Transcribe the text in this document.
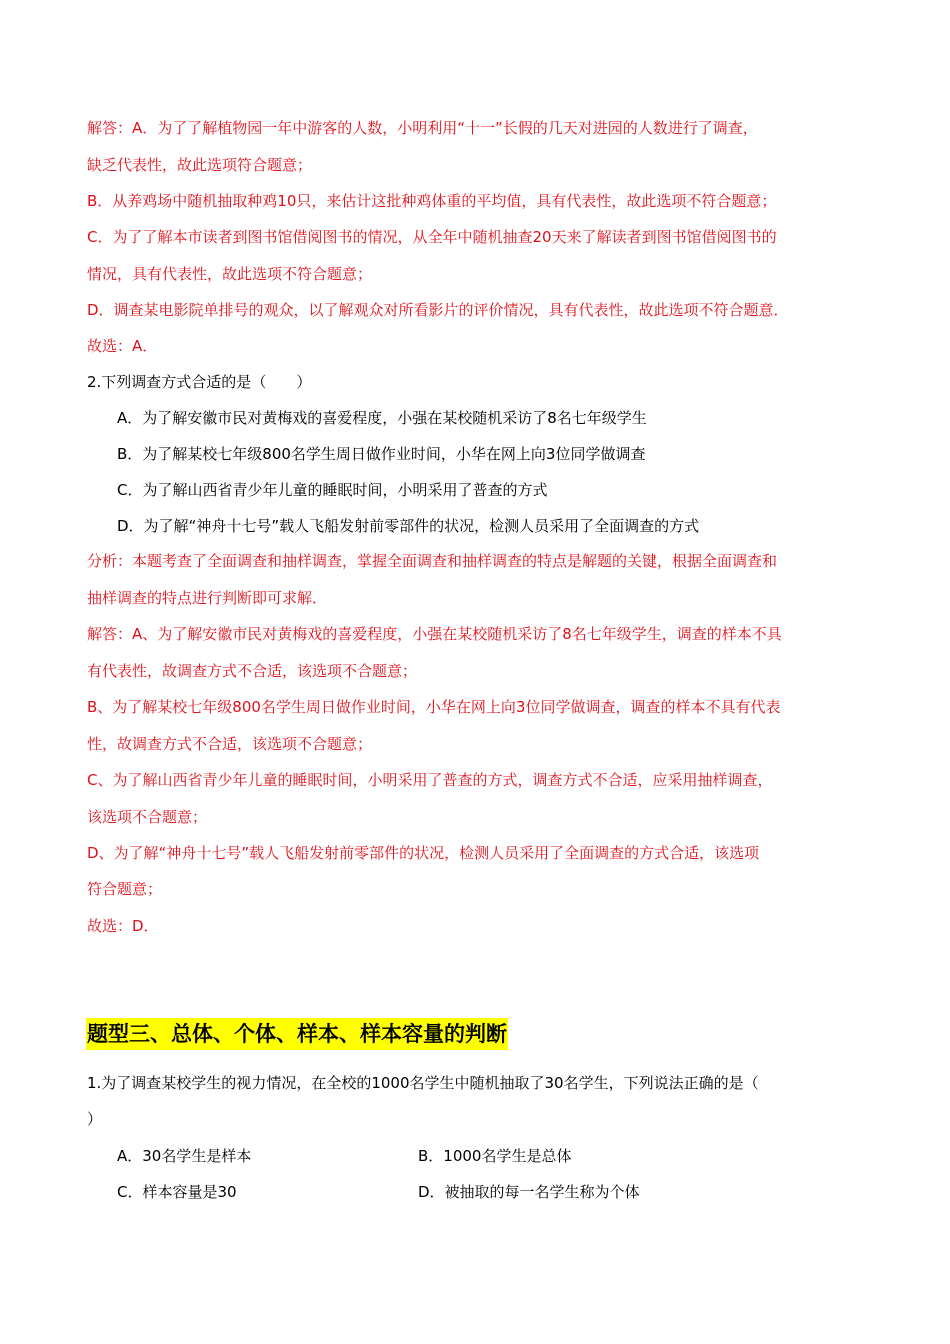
解答：A．为了了解植物园一年中游客的人数，小明利用“十一”长假的几天对进园的人数进行了调查，
缺乏代表性，故此选项符合题意；
B．从养鸡场中随机抽取种鸡10只，来估计这批种鸡体重的平均值，具有代表性，故此选项不符合题意；
C．为了了解本市读者到图书馆借阅图书的情况，从全年中随机抽查20天来了解读者到图书馆借阅图书的
情况，具有代表性，故此选项不符合题意；
D．调查某电影院单排号的观众，以了解观众对所看影片的评价情况，具有代表性，故此选项不符合题意．
故选：A．
2.下列调查方式合适的是（　　）
A．为了解安徽市民对黄梅戏的喜爱程度，小强在某校随机采访了8名七年级学生
B．为了解某校七年级800名学生周日做作业时间，小华在网上向3位同学做调查
C．为了解山西省青少年儿童的睡眠时间，小明采用了普查的方式
D．为了解“神舟十七号”载人飞船发射前零部件的状况，检测人员采用了全面调查的方式
分析：本题考查了全面调查和抽样调查，掌握全面调查和抽样调查的特点是解题的关键，根据全面调查和
抽样调查的特点进行判断即可求解．
解答：A、为了解安徽市民对黄梅戏的喜爱程度，小强在某校随机采访了8名七年级学生，调查的样本不具
有代表性，故调查方式不合适，该选项不合题意；
B、为了解某校七年级800名学生周日做作业时间，小华在网上向3位同学做调查，调查的样本不具有代表
性，故调查方式不合适，该选项不合题意；
C、为了解山西省青少年儿童的睡眠时间，小明采用了普查的方式，调查方式不合适，应采用抽样调查，
该选项不合题意；
D、为了解“神舟十七号”载人飞船发射前零部件的状况，检测人员采用了全面调查的方式合适，该选项
符合题意；
故选：D．
题型三、总体、个体、样本、样本容量的判断
1.为了调查某校学生的视力情况，在全校的1000名学生中随机抽取了30名学生，下列说法正确的是（
）
A．30名学生是样本	B．1000名学生是总体
C．样本容量是30	D．被抽取的每一名学生称为个体
